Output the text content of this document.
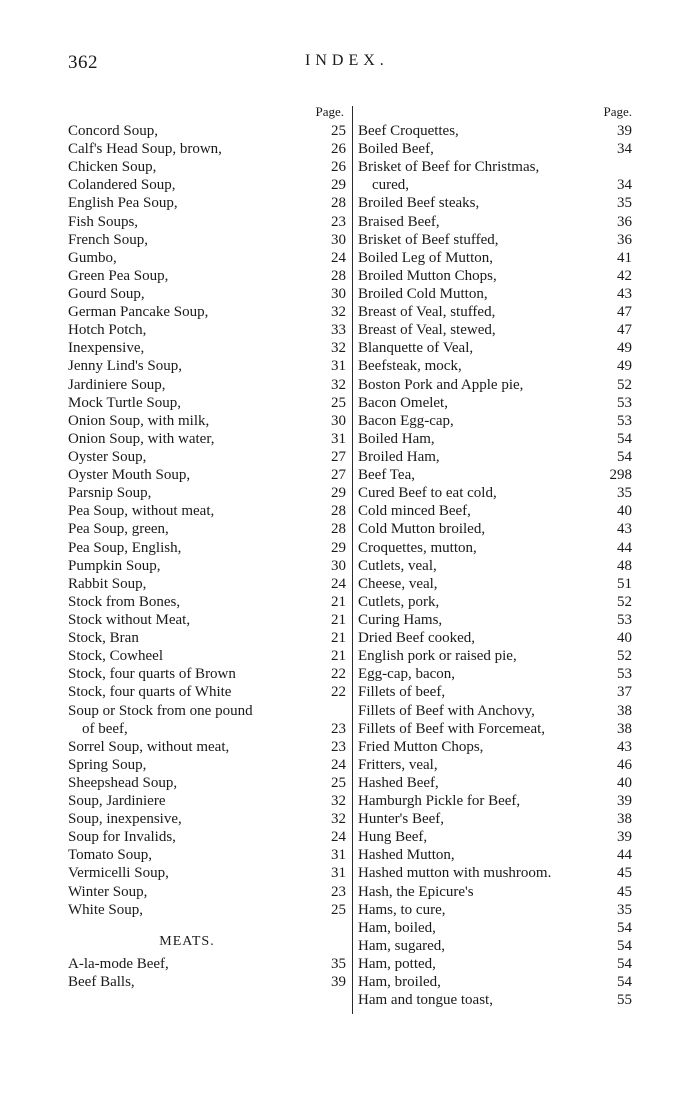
362	INDEX.
Page.
Concord Soup,	25
Calf's Head Soup, brown,	26
Chicken Soup,	26
Colandered Soup,	29
English Pea Soup,	28
Fish Soups,	23
French Soup,	30
Gumbo,	24
Green Pea Soup,	28
Gourd Soup,	30
German Pancake Soup,	32
Hotch Potch,	33
Inexpensive,	32
Jenny Lind's Soup,	31
Jardiniere Soup,	32
Mock Turtle Soup,	25
Onion Soup, with milk,	30
Onion Soup, with water,	31
Oyster Soup,	27
Oyster Mouth Soup,	27
Parsnip Soup,	29
Pea Soup, without meat,	28
Pea Soup, green,	28
Pea Soup, English,	29
Pumpkin Soup,	30
Rabbit Soup,	24
Stock from Bones,	21
Stock without Meat,	21
Stock, Bran	21
Stock, Cowheel	21
Stock, four quarts of Brown	22
Stock, four quarts of White	22
Soup or Stock from one pound
of beef,	23
Sorrel Soup, without meat,	23
Spring Soup,	24
Sheepshead Soup,	25
Soup, Jardiniere	32
Soup, inexpensive,	32
Soup for Invalids,	24
Tomato Soup,	31
Vermicelli Soup,	31
Winter Soup,	23
White Soup,	25
MEATS.
A-la-mode Beef,	35
Beef Balls,	39
Page.
Beef Croquettes,	39
Boiled Beef,	34
Brisket of Beef for Christmas,
cured,	34
Broiled Beef steaks,	35
Braised Beef,	36
Brisket of Beef stuffed,	36
Boiled Leg of Mutton,	41
Broiled Mutton Chops,	42
Broiled Cold Mutton,	43
Breast of Veal, stuffed,	47
Breast of Veal, stewed,	47
Blanquette of Veal,	49
Beefsteak, mock,	49
Boston Pork and Apple pie,	52
Bacon Omelet,	53
Bacon Egg-cap,	53
Boiled Ham,	54
Broiled Ham,	54
Beef Tea,	298
Cured Beef to eat cold,	35
Cold minced Beef,	40
Cold Mutton broiled,	43
Croquettes, mutton,	44
Cutlets, veal,	48
Cheese, veal,	51
Cutlets, pork,	52
Curing Hams,	53
Dried Beef cooked,	40
English pork or raised pie,	52
Egg-cap, bacon,	53
Fillets of beef,	37
Fillets of Beef with Anchovy,	38
Fillets of Beef with Forcemeat,	38
Fried Mutton Chops,	43
Fritters, veal,	46
Hashed Beef,	40
Hamburgh Pickle for Beef,	39
Hunter's Beef,	38
Hung Beef,	39
Hashed Mutton,	44
Hashed mutton with mushroom.	45
Hash, the Epicure's	45
Hams, to cure,	35
Ham, boiled,	54
Ham, sugared,	54
Ham, potted,	54
Ham, broiled,	54
Ham and tongue toast,	55
